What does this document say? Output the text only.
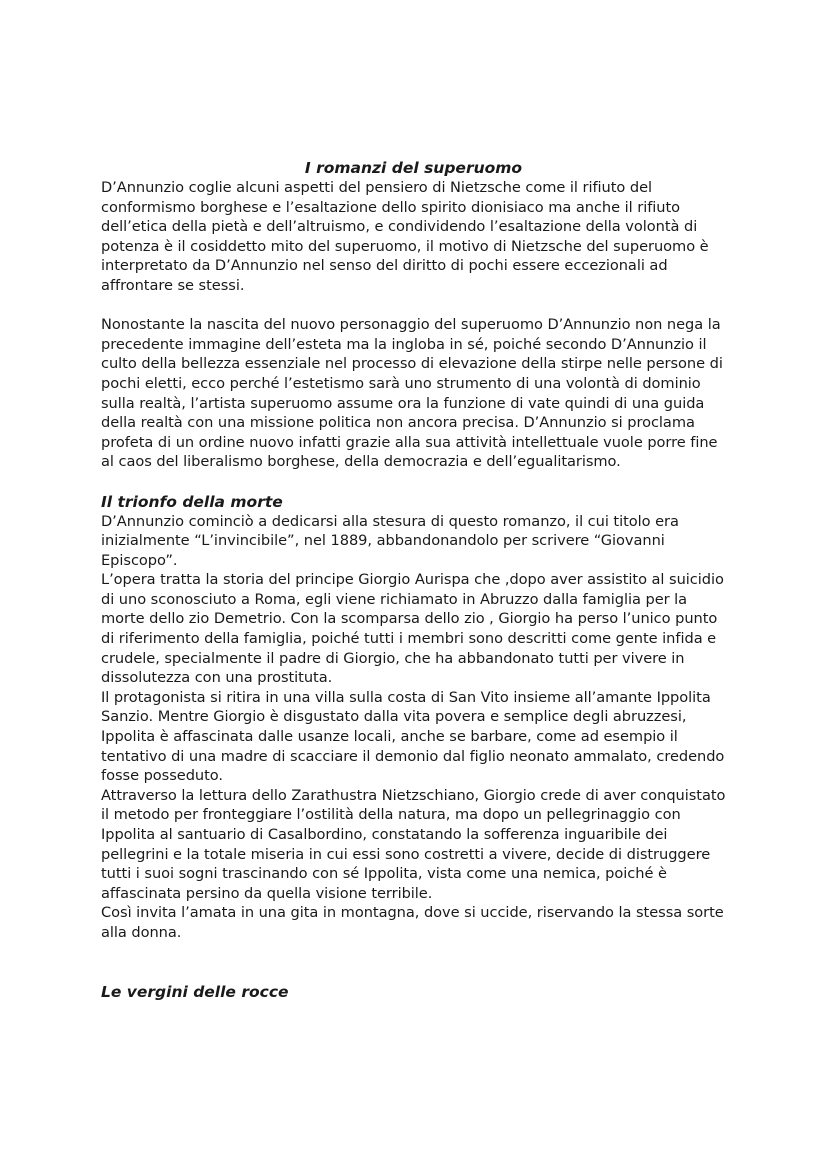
I romanzi del superuomo

D’Annunzio coglie alcuni aspetti del pensiero di Nietzsche come il rifiuto del conformismo borghese e l’esaltazione dello spirito dionisiaco ma anche il rifiuto dell’etica della pietà e dell’altruismo, e condividendo l’esaltazione della volontà di potenza è il cosiddetto mito del superuomo, il motivo di Nietzsche del superuomo è interpretato da D’Annunzio nel senso del diritto di pochi essere eccezionali ad affrontare se stessi.

Nonostante la nascita del nuovo personaggio del superuomo D’Annunzio non nega la precedente immagine dell’esteta ma la ingloba in sé, poiché secondo D’Annunzio il culto della bellezza essenziale nel processo di elevazione della stirpe nelle persone di pochi eletti, ecco perché l’estetismo sarà uno strumento di una volontà di dominio sulla realtà, l’artista superuomo assume ora la funzione di vate quindi di una guida della realtà con una missione politica non ancora precisa. D’Annunzio si proclama profeta di un ordine nuovo infatti grazie alla sua attività intellettuale vuole porre fine al caos del liberalismo borghese, della democrazia e dell’egualitarismo.

Il trionfo della morte

D’Annunzio cominciò a dedicarsi alla stesura di questo romanzo, il cui titolo era inizialmente “L’invincibile”, nel 1889, abbandonandolo per scrivere “Giovanni Episcopo”.

L’opera tratta la storia del principe Giorgio Aurispa che ,dopo aver assistito al suicidio di uno sconosciuto a Roma, egli viene richiamato in Abruzzo dalla famiglia per la morte dello zio Demetrio. Con la scomparsa dello zio , Giorgio ha perso l’unico punto di riferimento della famiglia, poiché tutti i membri sono descritti come gente infida e crudele, specialmente il padre di Giorgio, che ha abbandonato tutti per vivere in dissolutezza con una prostituta.

Il protagonista si ritira in una villa sulla costa di San Vito insieme all’amante Ippolita Sanzio. Mentre Giorgio è disgustato dalla vita povera e semplice degli abruzzesi, Ippolita è affascinata dalle usanze locali, anche se barbare, come ad esempio il tentativo di una madre di scacciare il demonio dal figlio neonato ammalato, credendo fosse posseduto.

Attraverso la lettura dello Zarathustra Nietzschiano, Giorgio crede di aver conquistato il metodo per fronteggiare l’ostilità della natura, ma dopo un pellegrinaggio con Ippolita al santuario di Casalbordino, constatando la sofferenza inguaribile dei pellegrini e la totale miseria in cui essi sono costretti a vivere, decide di distruggere tutti i suoi sogni trascinando con sé Ippolita, vista come una nemica, poiché è affascinata persino da quella visione terribile.

Così invita l’amata in una gita in montagna, dove si uccide, riservando la stessa sorte alla donna.

Le vergini delle rocce
